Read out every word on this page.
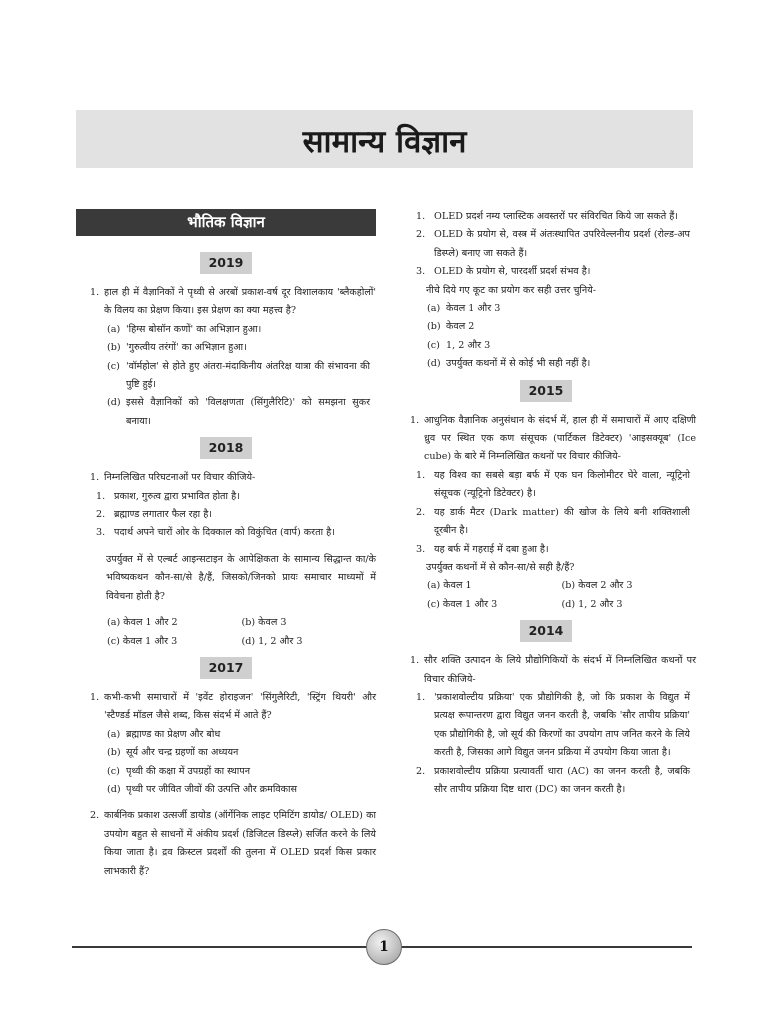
सामान्य विज्ञान
भौतिक विज्ञान
2019
1. हाल ही में वैज्ञानिकों ने पृथ्वी से अरबों प्रकाश-वर्ष दूर विशालकाय 'ब्लैकहोलों' के विलय का प्रेक्षण किया। इस प्रेक्षण का क्या महत्त्व है?
(a) 'हिग्स बोसॉन कणों' का अभिज्ञान हुआ।
(b) 'गुरुत्वीय तरंगों' का अभिज्ञान हुआ।
(c) 'वॉर्महोल' से होते हुए अंतरा-मंदाकिनीय अंतरिक्ष यात्रा की संभावना की पुष्टि हुई।
(d) इससे वैज्ञानिकों को 'विलक्षणता (सिंगुलैरिटि)' को समझना सुकर बनाया।
2018
1. निम्नलिखित परिघटनाओं पर विचार कीजिये-
1. प्रकाश, गुरुत्व द्वारा प्रभावित होता है।
2. ब्रह्माण्ड लगातार फैल रहा है।
3. पदार्थ अपने चारों ओर के दिक्काल को विकुंचित (वार्प) करता है।
उपर्युक्त में से एल्बर्ट आइन्सटाइन के आपेक्षिकता के सामान्य सिद्धान्त का/के भविष्यकथन कौन-सा/से है/हैं, जिसको/जिनको प्रायः समाचार माध्यमों में विवेचना होती है?
(a) केवल 1 और 2	(b) केवल 3
(c) केवल 1 और 3	(d) 1, 2 और 3
2017
1. कभी-कभी समाचारों में 'इवेंट होराइजन' 'सिंगुलैरिटी, 'स्ट्रिंग थियरी' और 'स्टैण्डर्ड मॉडल जैसे शब्द, किस संदर्भ में आते हैं?
(a) ब्रह्माण्ड का प्रेक्षण और बोध
(b) सूर्य और चन्द्र ग्रहणों का अध्ययन
(c) पृथ्वी की कक्षा में उपग्रहों का स्थापन
(d) पृथ्वी पर जीवित जीवों की उत्पत्ति और क्रमविकास
2. कार्बनिक प्रकाश उत्सर्जी डायोड (ऑर्गेनिक लाइट एमिटिंग डायोड/ OLED) का उपयोग बहुत से साधनों में अंकीय प्रदर्श (डिजिटल डिस्प्ले) सर्जित करने के लिये किया जाता है। द्रव क्रिस्टल प्रदर्शों की तुलना में OLED प्रदर्श किस प्रकार लाभकारी हैं?
1. OLED प्रदर्श नम्य प्लास्टिक अवस्तरों पर संविरचित किये जा सकते हैं।
2. OLED के प्रयोग से, वस्त्र में अंतःस्थापित उपरिवेल्लनीय प्रदर्श (रोल्ड-अप डिस्प्ले) बनाए जा सकते हैं।
3. OLED के प्रयोग से, पारदर्शी प्रदर्श संभव है।
नीचे दिये गए कूट का प्रयोग कर सही उत्तर चुनिये-
(a) केवल 1 और 3
(b) केवल 2
(c) 1, 2 और 3
(d) उपर्युक्त कथनों में से कोई भी सही नहीं है।
2015
1. आधुनिक वैज्ञानिक अनुसंधान के संदर्भ में, हाल ही में समाचारों में आए दक्षिणी ध्रुव पर स्थित एक कण संसूचक (पार्टिकल डिटेक्टर) 'आइसक्यूब' (Ice cube) के बारे में निम्नलिखित कथनों पर विचार कीजिये-
1. यह विश्व का सबसे बड़ा बर्फ में एक घन किलोमीटर घेरे वाला, न्यूट्रिनो संसूचक (न्यूट्रिनो डिटेक्टर) है।
2. यह डार्क मैटर (Dark matter) की खोज के लिये बनी शक्तिशाली दूरबीन है।
3. यह बर्फ में गहराई में दबा हुआ है।
उपर्युक्त कथनों में से कौन-सा/से सही है/हैं?
(a) केवल 1	(b) केवल 2 और 3
(c) केवल 1 और 3	(d) 1, 2 और 3
2014
1. सौर शक्ति उत्पादन के लिये प्रौद्योगिकियों के संदर्भ में निम्नलिखित कथनों पर विचार कीजिये-
1. 'प्रकाशवोल्टीय प्रक्रिया' एक प्रौद्योगिकी है, जो कि प्रकाश के विद्युत में प्रत्यक्ष रूपान्तरण द्वारा विद्युत जनन करती है, जबकि 'सौर तापीय प्रक्रिया' एक प्रौद्योगिकी है, जो सूर्य की किरणों का उपयोग ताप जनित करने के लिये करती है, जिसका आगे विद्युत जनन प्रक्रिया में उपयोग किया जाता है।
2. प्रकाशवोल्टीय प्रक्रिया प्रत्यावर्ती धारा (AC) का जनन करती है, जबकि सौर तापीय प्रक्रिया दिष्ट धारा (DC) का जनन करती है।
1
